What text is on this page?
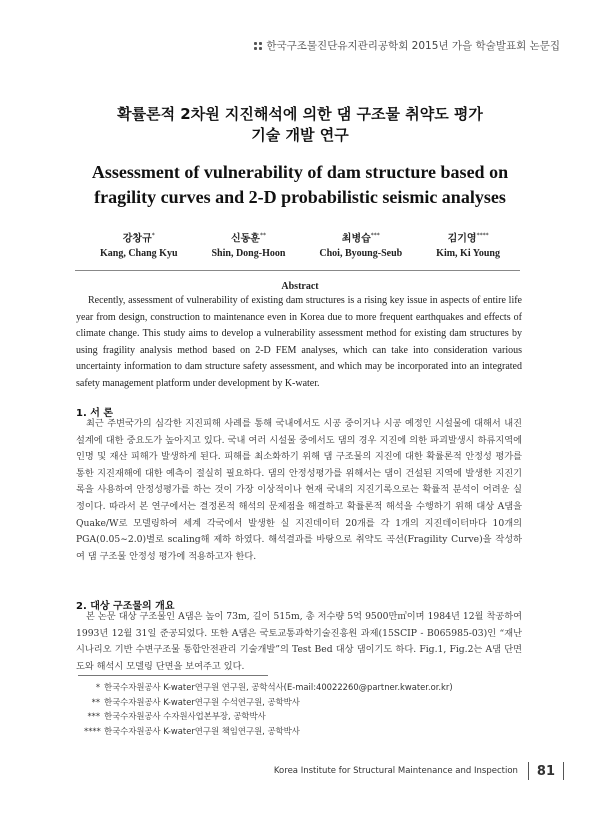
한국구조물진단유지관리공학회 2015년 가을 학술발표회 논문집
확률론적 2차원 지진해석에 의한 댐 구조물 취약도 평가
기술 개발 연구
Assessment of vulnerability of dam structure based on
fragility curves and 2-D probabilistic seismic analyses
강창규*
Kang, Chang Kyu
신동훈**
Shin, Dong-Hoon
최병습***
Choi, Byoung-Seub
김기영****
Kim, Ki Young
Abstract

Recently, assessment of vulnerability of existing dam structures is a rising key issue in aspects of entire life year from design, construction to maintenance even in Korea due to more frequent earthquakes and effects of climate change. This study aims to develop a vulnerability assessment method for existing dam structures by using fragility analysis method based on 2-D FEM analyses, which can take into consideration various uncertainty information to dam structure safety assessment, and which may be incorporated into an integrated safety management platform under development by K-water.

1. 서 론

최근 주변국가의 심각한 지진피해 사례를 통해 국내에서도 시공 중이거나 시공 예정인 시설물에 대해서 내진 설계에 대한 중요도가 높아지고 있다. 국내 여러 시설물 중에서도 댐의 경우 지진에 의한 파괴발생시 하류지역에 인명 및 재산 피해가 발생하게 된다. 피해를 최소화하기 위해 댐 구조물의 지진에 대한 확률론적 안정성 평가를 통한 지진재해에 대한 예측이 절실히 필요하다. 댐의 안정성평가를 위해서는 댐이 건설된 지역에 발생한 지진기록을 사용하여 안정성평가를 하는 것이 가장 이상적이나 현재 국내의 지진기록으로는 확률적 분석이 어려운 실정이다. 따라서 본 연구에서는 결정론적 해석의 문제점을 해결하고 확률론적 해석을 수행하기 위해 대상 A댐을 Quake/W로 모델링하여 세계 각국에서 발생한 실 지진데이터 20개를 각 1개의 지진데이터마다 10개의 PGA(0.05∼2.0)별로 scaling해 제하 하였다. 해석결과를 바탕으로 취약도 곡선(Fragility Curve)을 작성하여 댐 구조물 안정성 평가에 적용하고자 한다.

2. 대상 구조물의 개요

본 논문 대상 구조물인 A댐은 높이 73m, 길이 515m, 총 저수량 5억 9500만㎥이며 1984년 12월 착공하여 1993년 12월 31일 준공되었다. 또한 A댐은 국토교통과학기술진흥원 과제(15SCIP - B065985-03)인 “재난 시나리오 기반 수변구조물 통합안전관리 기술개발”의 Test Bed 대상 댐이기도 하다. Fig.1, Fig.2는 A댐 단면도와 해석시 모델링 단면을 보여주고 있다.

* 한국수자원공사 K-water연구원 연구원, 공학석사(E-mail:40022260@partner.kwater.or.kr)
** 한국수자원공사 K-water연구원 수석연구원, 공학박사
*** 한국수자원공사 수자원사업본부장, 공학박사
**** 한국수자원공사 K-water연구원 책임연구원, 공학박사
Korea Institute for Structural Maintenance and Inspection 81
